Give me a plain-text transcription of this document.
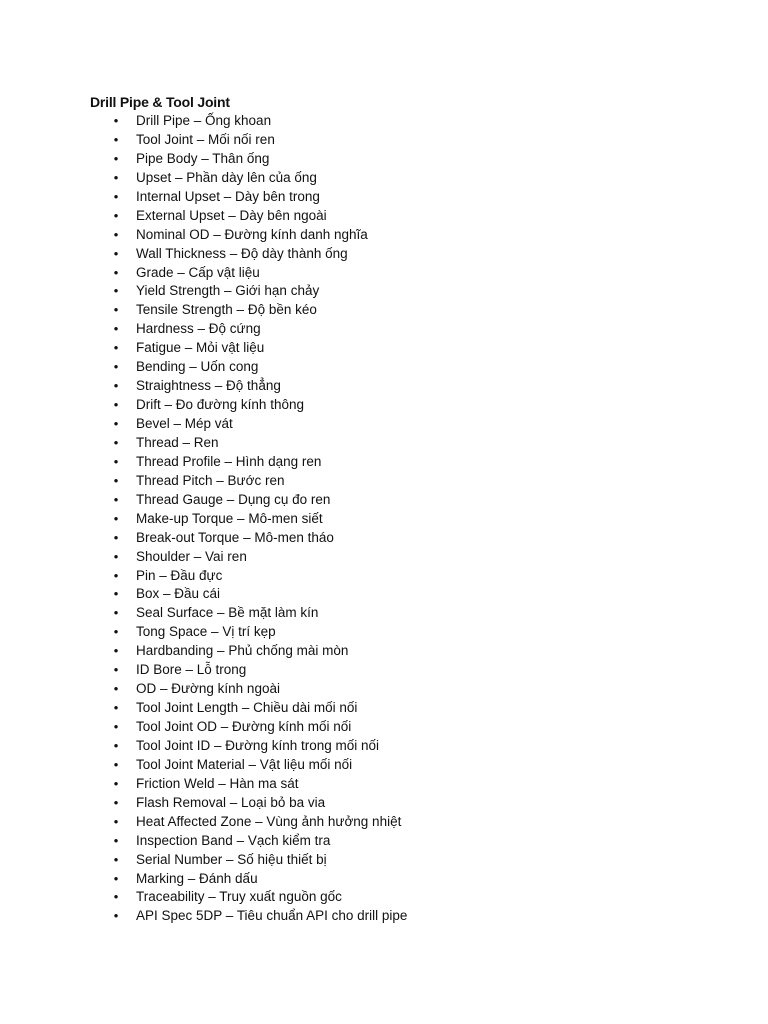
Drill Pipe & Tool Joint
• Drill Pipe – Ống khoan
• Tool Joint – Mối nối ren
• Pipe Body – Thân ống
• Upset – Phần dày lên của ống
• Internal Upset – Dày bên trong
• External Upset – Dày bên ngoài
• Nominal OD – Đường kính danh nghĩa
• Wall Thickness – Độ dày thành ống
• Grade – Cấp vật liệu
• Yield Strength – Giới hạn chảy
• Tensile Strength – Độ bền kéo
• Hardness – Độ cứng
• Fatigue – Mỏi vật liệu
• Bending – Uốn cong
• Straightness – Độ thẳng
• Drift – Đo đường kính thông
• Bevel – Mép vát
• Thread – Ren
• Thread Profile – Hình dạng ren
• Thread Pitch – Bước ren
• Thread Gauge – Dụng cụ đo ren
• Make-up Torque – Mô-men siết
• Break-out Torque – Mô-men tháo
• Shoulder – Vai ren
• Pin – Đầu đực
• Box – Đầu cái
• Seal Surface – Bề mặt làm kín
• Tong Space – Vị trí kẹp
• Hardbanding – Phủ chống mài mòn
• ID Bore – Lỗ trong
• OD – Đường kính ngoài
• Tool Joint Length – Chiều dài mối nối
• Tool Joint OD – Đường kính mối nối
• Tool Joint ID – Đường kính trong mối nối
• Tool Joint Material – Vật liệu mối nối
• Friction Weld – Hàn ma sát
• Flash Removal – Loại bỏ ba via
• Heat Affected Zone – Vùng ảnh hưởng nhiệt
• Inspection Band – Vạch kiểm tra
• Serial Number – Số hiệu thiết bị
• Marking – Đánh dấu
• Traceability – Truy xuất nguồn gốc
• API Spec 5DP – Tiêu chuẩn API cho drill pipe
